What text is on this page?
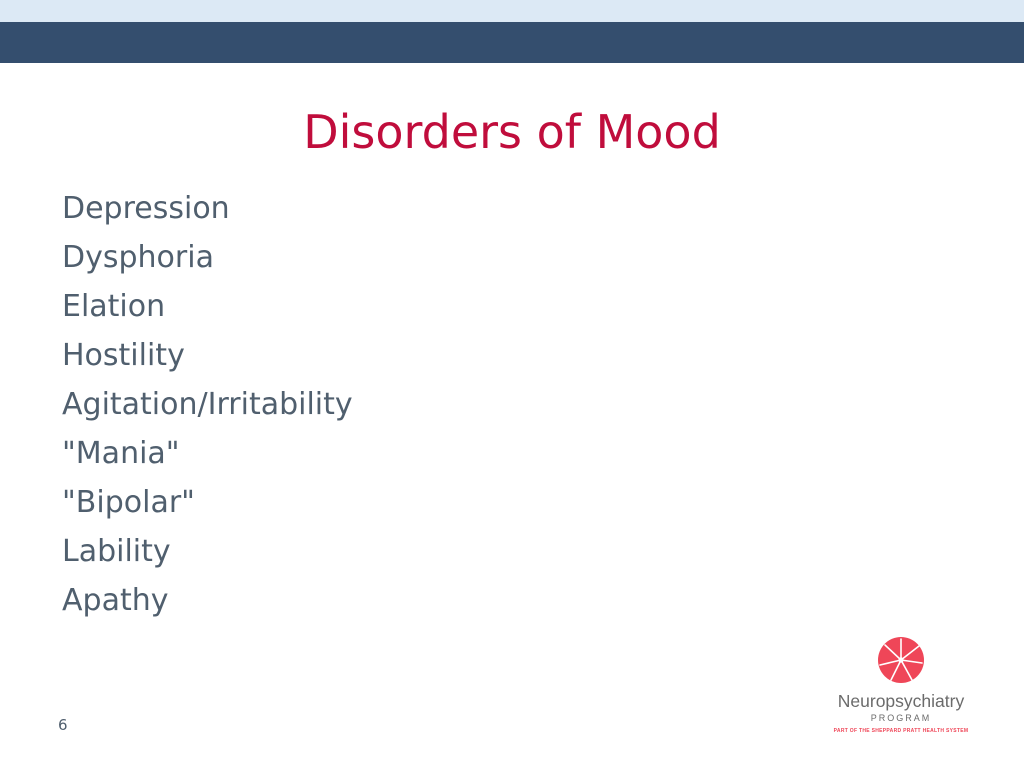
Disorders of Mood
Depression
Dysphoria
Elation
Hostility
Agitation/Irritability
"Mania"
"Bipolar"
Lability
Apathy
6
Neuropsychiatry
PROGRAM
PART OF THE SHEPPARD PRATT HEALTH SYSTEM
